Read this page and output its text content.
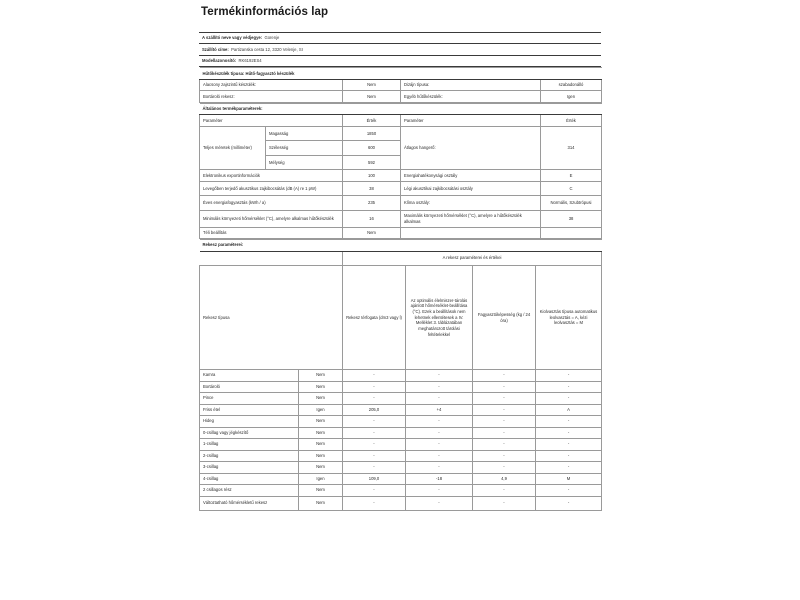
Termékinformációs lap
A szállító neve vagy védjegye: Gorenje
Szállító címe: Partizanska cesta 12, 3320 Velenje, SI
Modellazonosító: RK6192ES4
Hűtőkészülék típusa: Hűtő-fagyasztó készülék			
Alacsony zajszintű készülék:	Nem	Dizájn típusa:	szabadonálló
Bortároló rekesz:	Nem	Egyéb hűtőkészülék:	Igen
Általános termékparaméterek:				
Paraméter		Érték	Paraméter	Érték
Teljes méretek (milliméter)	Magasság	1850	Átlagos hangerő:	314
	Szélesség	600		
	Mélység	592		
Elektronikus exportinformációk		100	Energiahatékonysági osztály	E
Levegőben terjedő akusztikus zajkibocsátás (dB (A) re 1 pW)		38	Légi akusztikai zajkibocsátási osztály	C
Éves energiafogyasztás (kWh / a)		235	Klíma osztály:	Normális, Szubtrópusi
Minimális környezeti hőmérséklet (°C), amelyre alkalmas hűtőkészülék		16	Maximális környezeti hőmérséklet (°C), amelyre a hűtőkészülék alkalmas	38
Téli beállítás		Nem		
Rekesz paraméterei:					
		A rekesz paraméterei és értékei			
Rekesz típusa		Rekesz térfogata (dm3 vagy l)	Az optimális élelmiszer-tárolás ajánlott hőmérséklet-beállítása (°C). Ezek a beállítások nem lehetnek ellentétesek a IV. Melléklet 3. táblázatában meghatározott tárolási feltételekkel	Fagyasztóképesség (kg / 24 óra)	Kiolvasztás típusa automatikus leolvasztás = A, kézi leolvasztás = M
Kamra	Nem	-	-	-	-
Bortároló	Nem	-	-	-	-
Pince	Nem	-	-	-	-
Friss étel	Igen	205,0	+4	-	A
Hideg	Nem	-	-	-	-
0-csillag vagy jégkészítő	Nem	-	-	-	-
1-csillag	Nem	-	-	-	-
2-csillag	Nem	-	-	-	-
3-csillag	Nem	-	-	-	-
4-csillag	Igen	109,0	-18	4,9	M
2 csillagos rész	Nem	-	-	-	-
Változtatható hőmérsékletű rekesz	Nem	-	-	-	-
